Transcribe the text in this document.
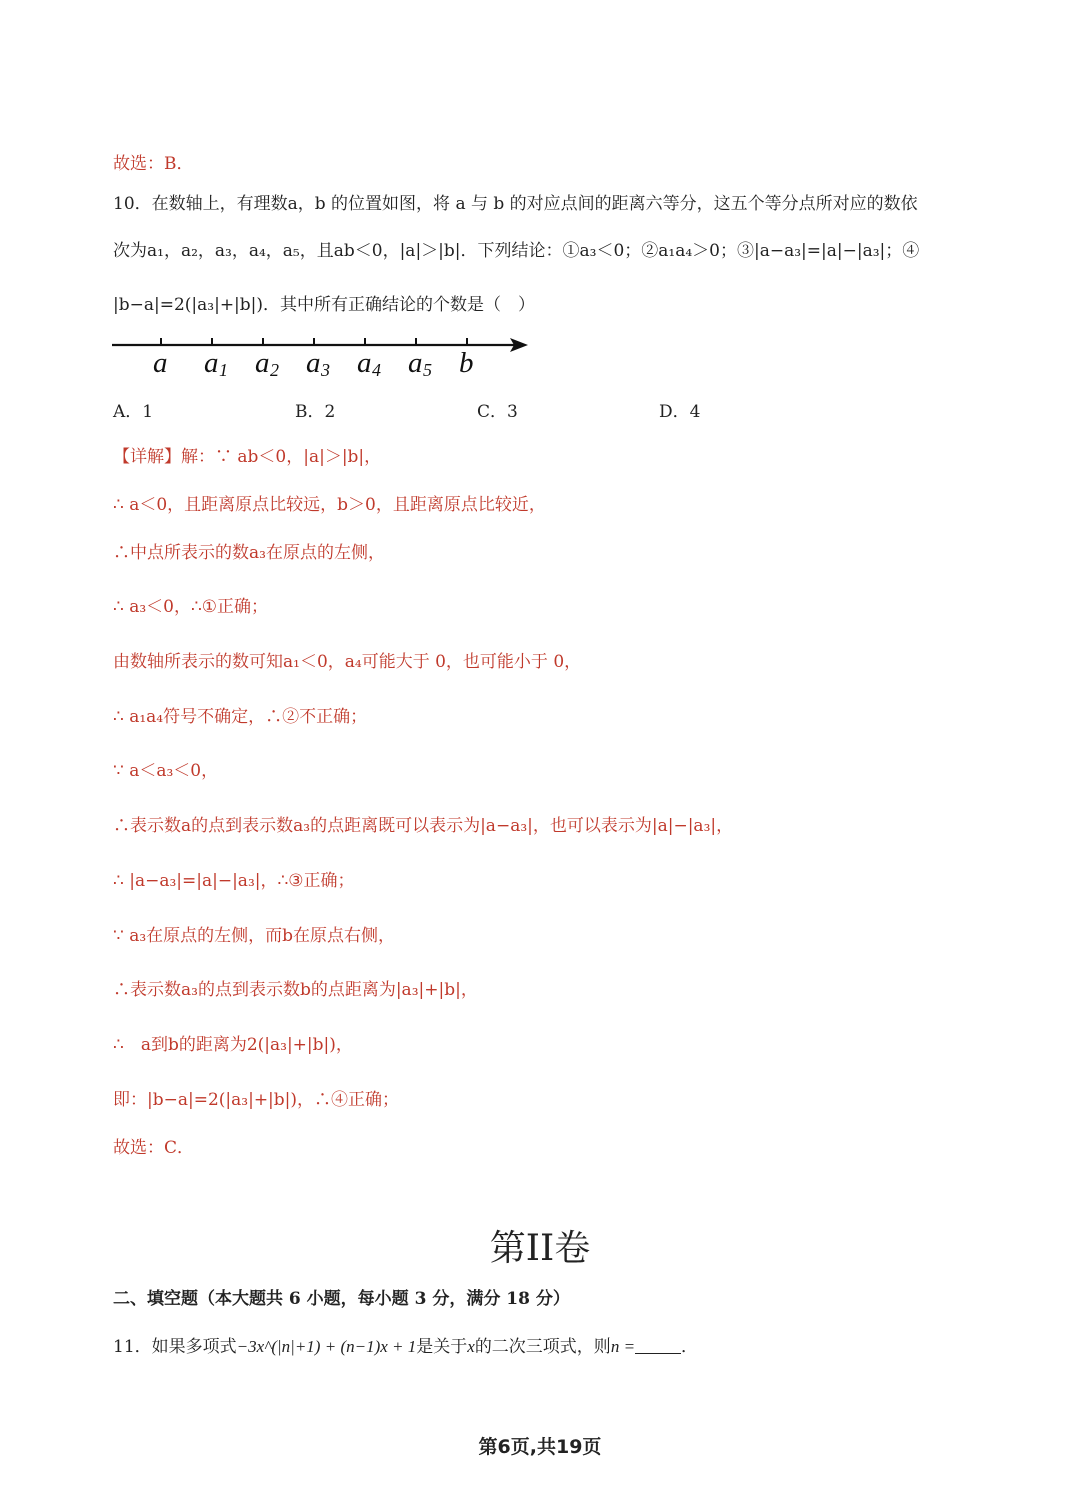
故选：B．
10．在数轴上，有理数a，b 的位置如图，将 a 与 b 的对应点间的距离六等分，这五个等分点所对应的数依
次为a₁，a₂，a₃，a₄，a₅，且ab＜0，|a|＞|b|．下列结论：①a₃＜0；②a₁a₄＞0；③|a−a₃|=|a|−|a₃|；④
|b−a|=2(|a₃|+|b|)．其中所有正确结论的个数是（　）
a a 1 a 2 a 3 a 4 a 5 b
A．1	B．2	C．3	D．4
【详解】解：∵ ab＜0，|a|＞|b|，
∴ a＜0，且距离原点比较远，b＞0，且距离原点比较近，
∴中点所表示的数a₃在原点的左侧，
∴ a₃＜0，∴①正确；
由数轴所表示的数可知a₁＜0，a₄可能大于 0，也可能小于 0，
∴ a₁a₄符号不确定，∴②不正确；
∵ a＜a₃＜0，
∴表示数a的点到表示数a₃的点距离既可以表示为|a−a₃|，也可以表示为|a|−|a₃|，
∴ |a−a₃|=|a|−|a₃|，∴③正确；
∵ a₃在原点的左侧，而b在原点右侧，
∴表示数a₃的点到表示数b的点距离为|a₃|+|b|，
∴　a到b的距离为2(|a₃|+|b|)，
即：|b−a|=2(|a₃|+|b|)，∴④正确；
故选：C．
第II卷
二、填空题（本大题共 6 小题，每小题 3 分，满分 18 分）
11．如果多项式−3x^(|n|+1) + (n−1)x + 1是关于x的二次三项式，则n =	．
第6页,共19页
